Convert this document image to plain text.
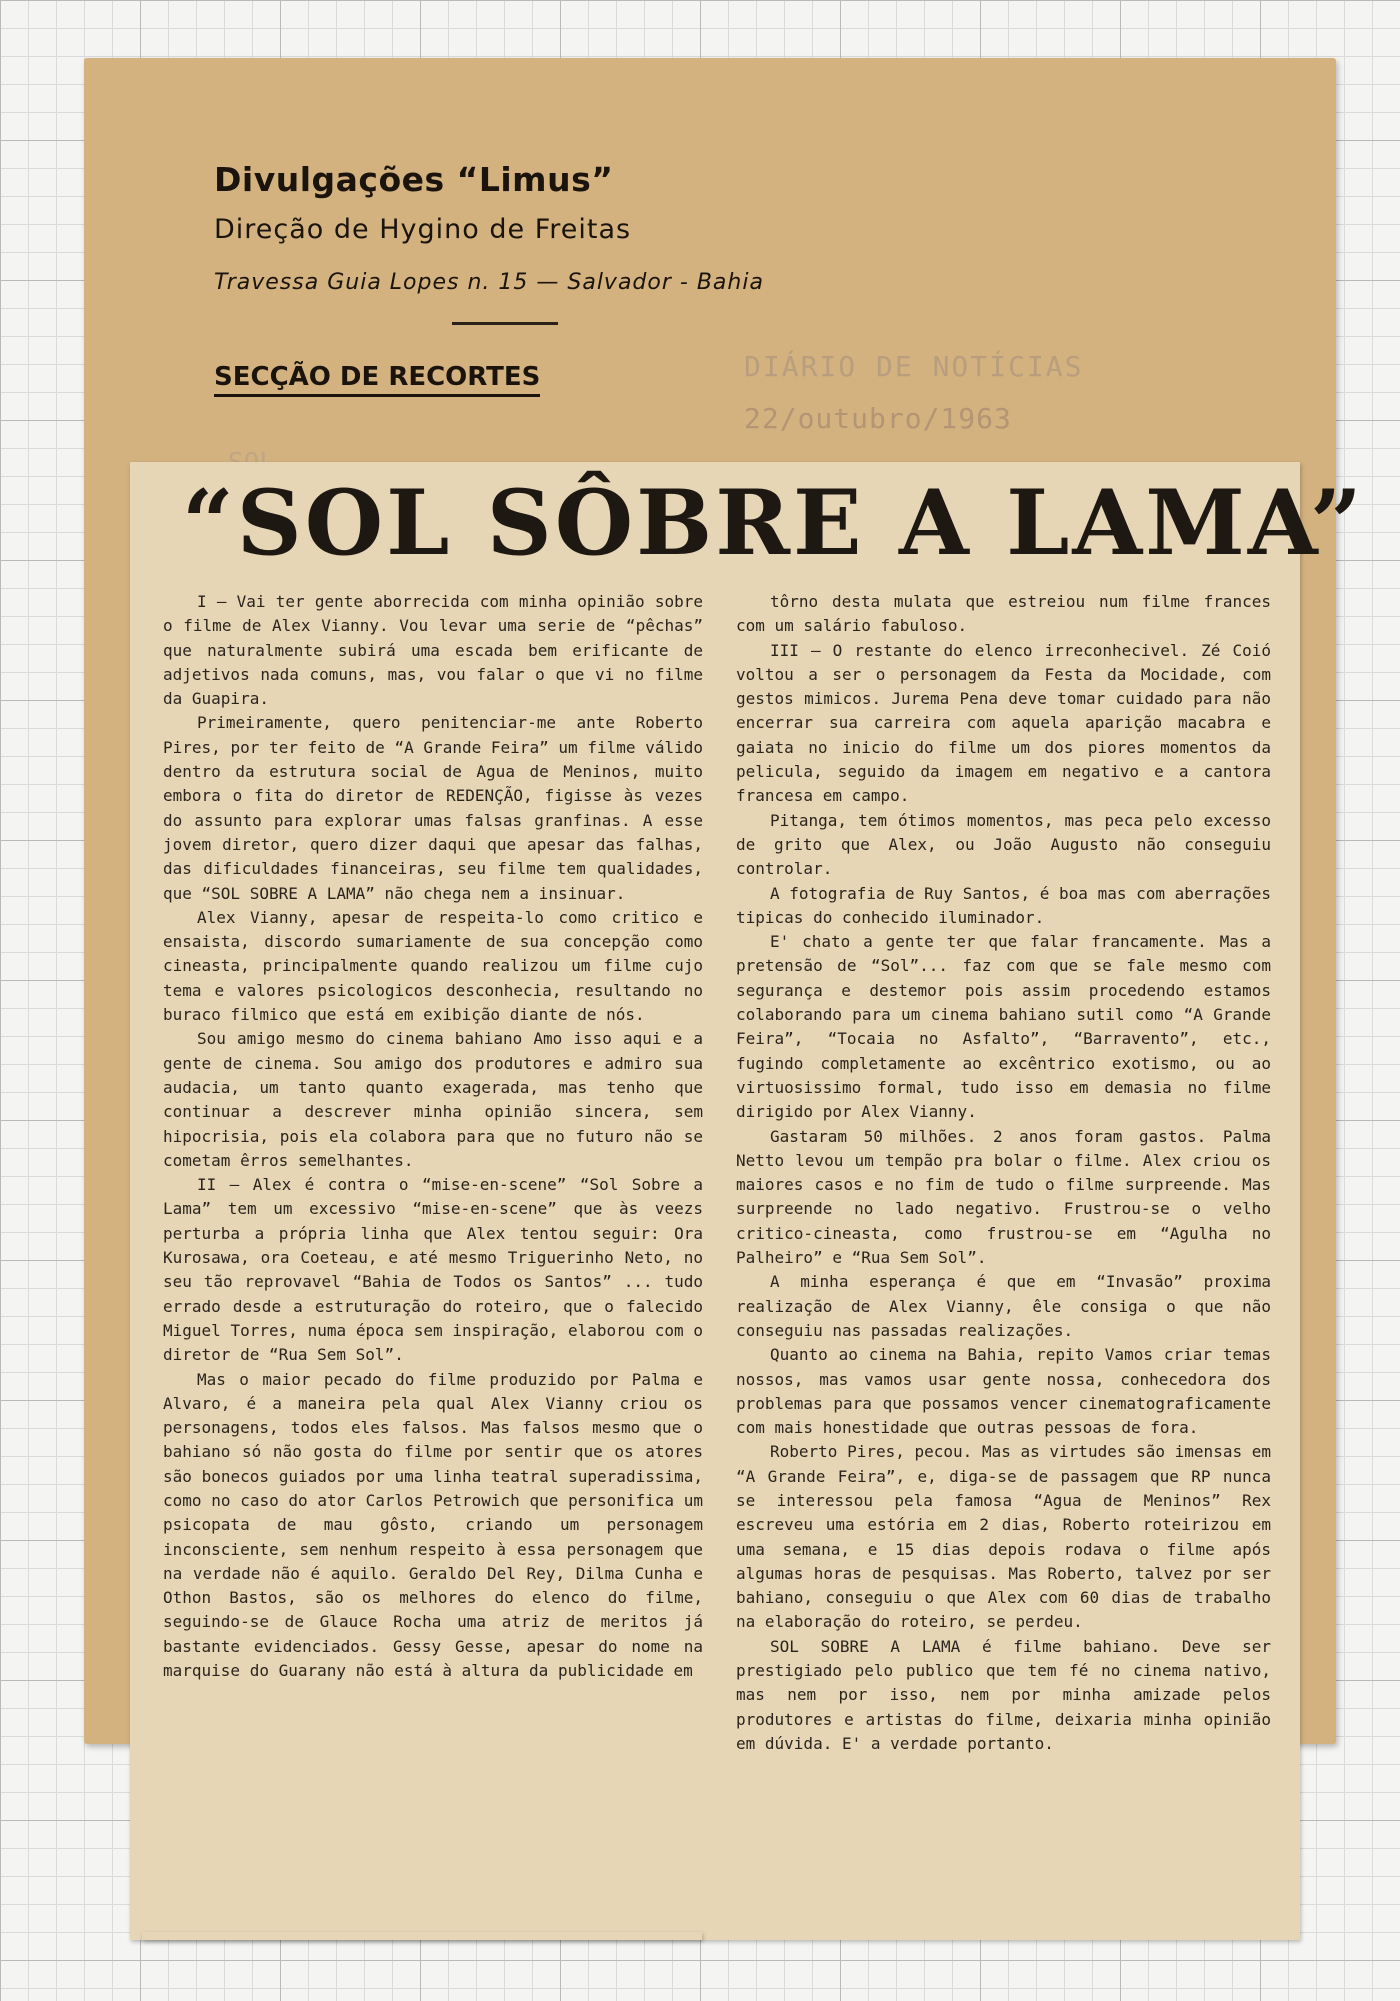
Divulgações “Limus”
Direção de Hygino de Freitas
Travessa Guia Lopes n. 15 — Salvador - Bahia
SECÇÃO DE RECORTES	DIÁRIO DE NOTÍCIAS
22/outubro/1963
“SOL SÔBRE A LAMA”

I — Vai ter gente aborrecida com minha opinião sobre o filme de Alex Vianny. Vou levar uma serie de “pêchas” que naturalmente subirá uma escada bem erificante de adjetivos nada comuns, mas, vou falar o que vi no filme da Guapira.

Primeiramente, quero penitenciar-me ante Roberto Pires, por ter feito de “A Grande Feira” um filme válido dentro da estrutura social de Agua de Meninos, muito embora o fita do diretor de REDENÇÃO, figisse às vezes do assunto para explorar umas falsas granfinas. A esse jovem diretor, quero dizer daqui que apesar das falhas, das dificuldades financeiras, seu filme tem qualidades, que “SOL SOBRE A LAMA” não chega nem a insinuar.

Alex Vianny, apesar de respeita-lo como critico e ensaista, discordo sumariamente de sua concepção como cineasta, principalmente quando realizou um filme cujo tema e valores psicologicos desconhecia, resultando no buraco filmico que está em exibição diante de nós.

Sou amigo mesmo do cinema bahiano Amo isso aqui e a gente de cinema. Sou amigo dos produtores e admiro sua audacia, um tanto quanto exagerada, mas tenho que continuar a descrever minha opinião sincera, sem hipocrisia, pois ela colabora para que no futuro não se cometam êrros semelhantes.

II — Alex é contra o “mise-en-scene” “Sol Sobre a Lama” tem um excessivo “mise-en-scene” que às veezs perturba a própria linha que Alex tentou seguir: Ora Kurosawa, ora Coeteau, e até mesmo Triguerinho Neto, no seu tão reprovavel “Bahia de Todos os Santos” ... tudo errado desde a estruturação do roteiro, que o falecido Miguel Torres, numa época sem inspiração, elaborou com o diretor de “Rua Sem Sol”.

Mas o maior pecado do filme produzido por Palma e Alvaro, é a maneira pela qual Alex Vianny criou os personagens, todos eles falsos. Mas falsos mesmo que o bahiano só não gosta do filme por sentir que os atores são bonecos guiados por uma linha teatral superadissima, como no caso do ator Carlos Petrowich que personifica um psicopata de mau gôsto, criando um personagem inconsciente, sem nenhum respeito à essa personagem que na verdade não é aquilo. Geraldo Del Rey, Dilma Cunha e Othon Bastos, são os melhores do elenco do filme, seguindo-se de Glauce Rocha uma atriz de meritos já bastante evidenciados. Gessy Gesse, apesar do nome na marquise do Guarany não está à altura da publicidade em

tôrno desta mulata que estreiou num filme frances com um salário fabuloso.

III — O restante do elenco irreconhecivel. Zé Coió voltou a ser o personagem da Festa da Mocidade, com gestos mimicos. Jurema Pena deve tomar cuidado para não encerrar sua carreira com aquela aparição macabra e gaiata no inicio do filme um dos piores momentos da pelicula, seguido da imagem em negativo e a cantora francesa em campo.

Pitanga, tem ótimos momentos, mas peca pelo excesso de grito que Alex, ou João Augusto não conseguiu controlar.

A fotografia de Ruy Santos, é boa mas com aberrações tipicas do conhecido iluminador.

E' chato a gente ter que falar francamente. Mas a pretensão de “Sol”... faz com que se fale mesmo com segurança e destemor pois assim procedendo estamos colaborando para um cinema bahiano sutil como “A Grande Feira”, “Tocaia no Asfalto”, “Barravento”, etc., fugindo completamente ao excêntrico exotismo, ou ao virtuosissimo formal, tudo isso em demasia no filme dirigido por Alex Vianny.

Gastaram 50 milhões. 2 anos foram gastos. Palma Netto levou um tempão pra bolar o filme. Alex criou os maiores casos e no fim de tudo o filme surpreende. Mas surpreende no lado negativo. Frustrou-se o velho critico-cineasta, como frustrou-se em “Agulha no Palheiro” e “Rua Sem Sol”.

A minha esperança é que em “Invasão” proxima realização de Alex Vianny, êle consiga o que não conseguiu nas passadas realizações.

Quanto ao cinema na Bahia, repito Vamos criar temas nossos, mas vamos usar gente nossa, conhecedora dos problemas para que possamos vencer cinematograficamente com mais honestidade que outras pessoas de fora.

Roberto Pires, pecou. Mas as virtudes são imensas em “A Grande Feira”, e, diga-se de passagem que RP nunca se interessou pela famosa “Agua de Meninos” Rex escreveu uma estória em 2 dias, Roberto roteirizou em uma semana, e 15 dias depois rodava o filme após algumas horas de pesquisas. Mas Roberto, talvez por ser bahiano, conseguiu o que Alex com 60 dias de trabalho na elaboração do roteiro, se perdeu.

SOL SOBRE A LAMA é filme bahiano. Deve ser prestigiado pelo publico que tem fé no cinema nativo, mas nem por isso, nem por minha amizade pelos produtores e artistas do filme, deixaria minha opinião em dúvida. E' a verdade portanto.
